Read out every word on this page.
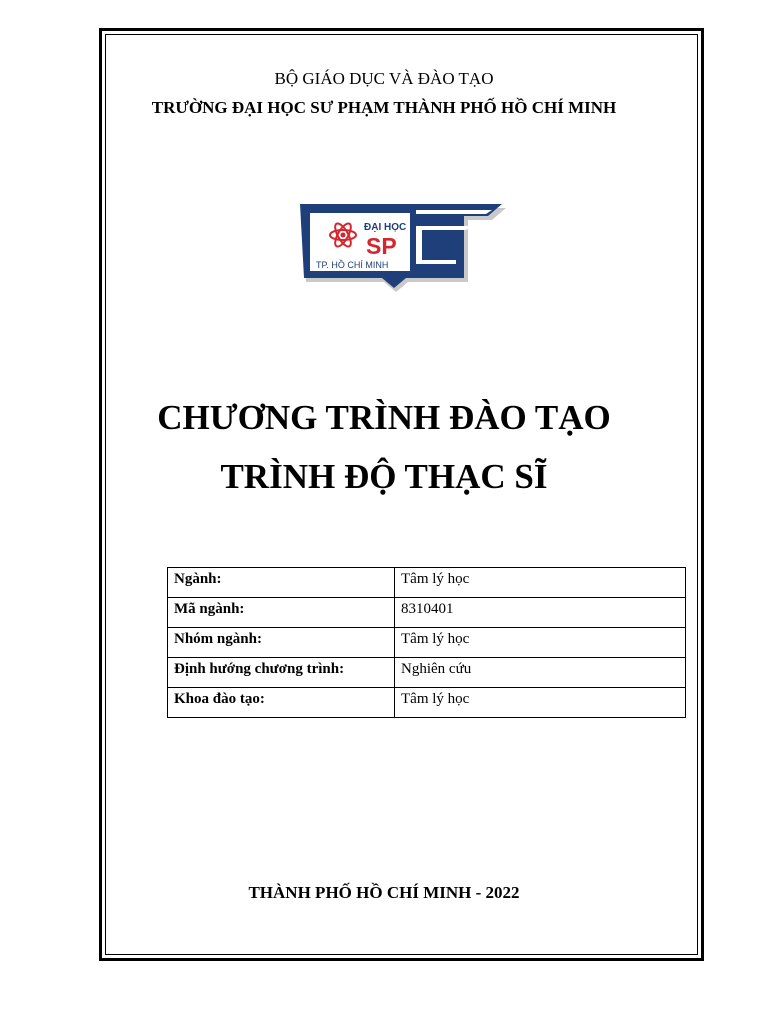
BỘ GIÁO DỤC VÀ ĐÀO TẠO
TRƯỜNG ĐẠI HỌC SƯ PHẠM THÀNH PHỐ HỒ CHÍ MINH
ĐẠI HỌC
SP
TP. HỒ CHÍ MINH
CHƯƠNG TRÌNH ĐÀO TẠO
TRÌNH ĐỘ THẠC SĨ
Ngành:	Tâm lý học
Mã ngành:	8310401
Nhóm ngành:	Tâm lý học
Định hướng chương trình:	Nghiên cứu
Khoa đào tạo:	Tâm lý học
THÀNH PHỐ HỒ CHÍ MINH - 2022
